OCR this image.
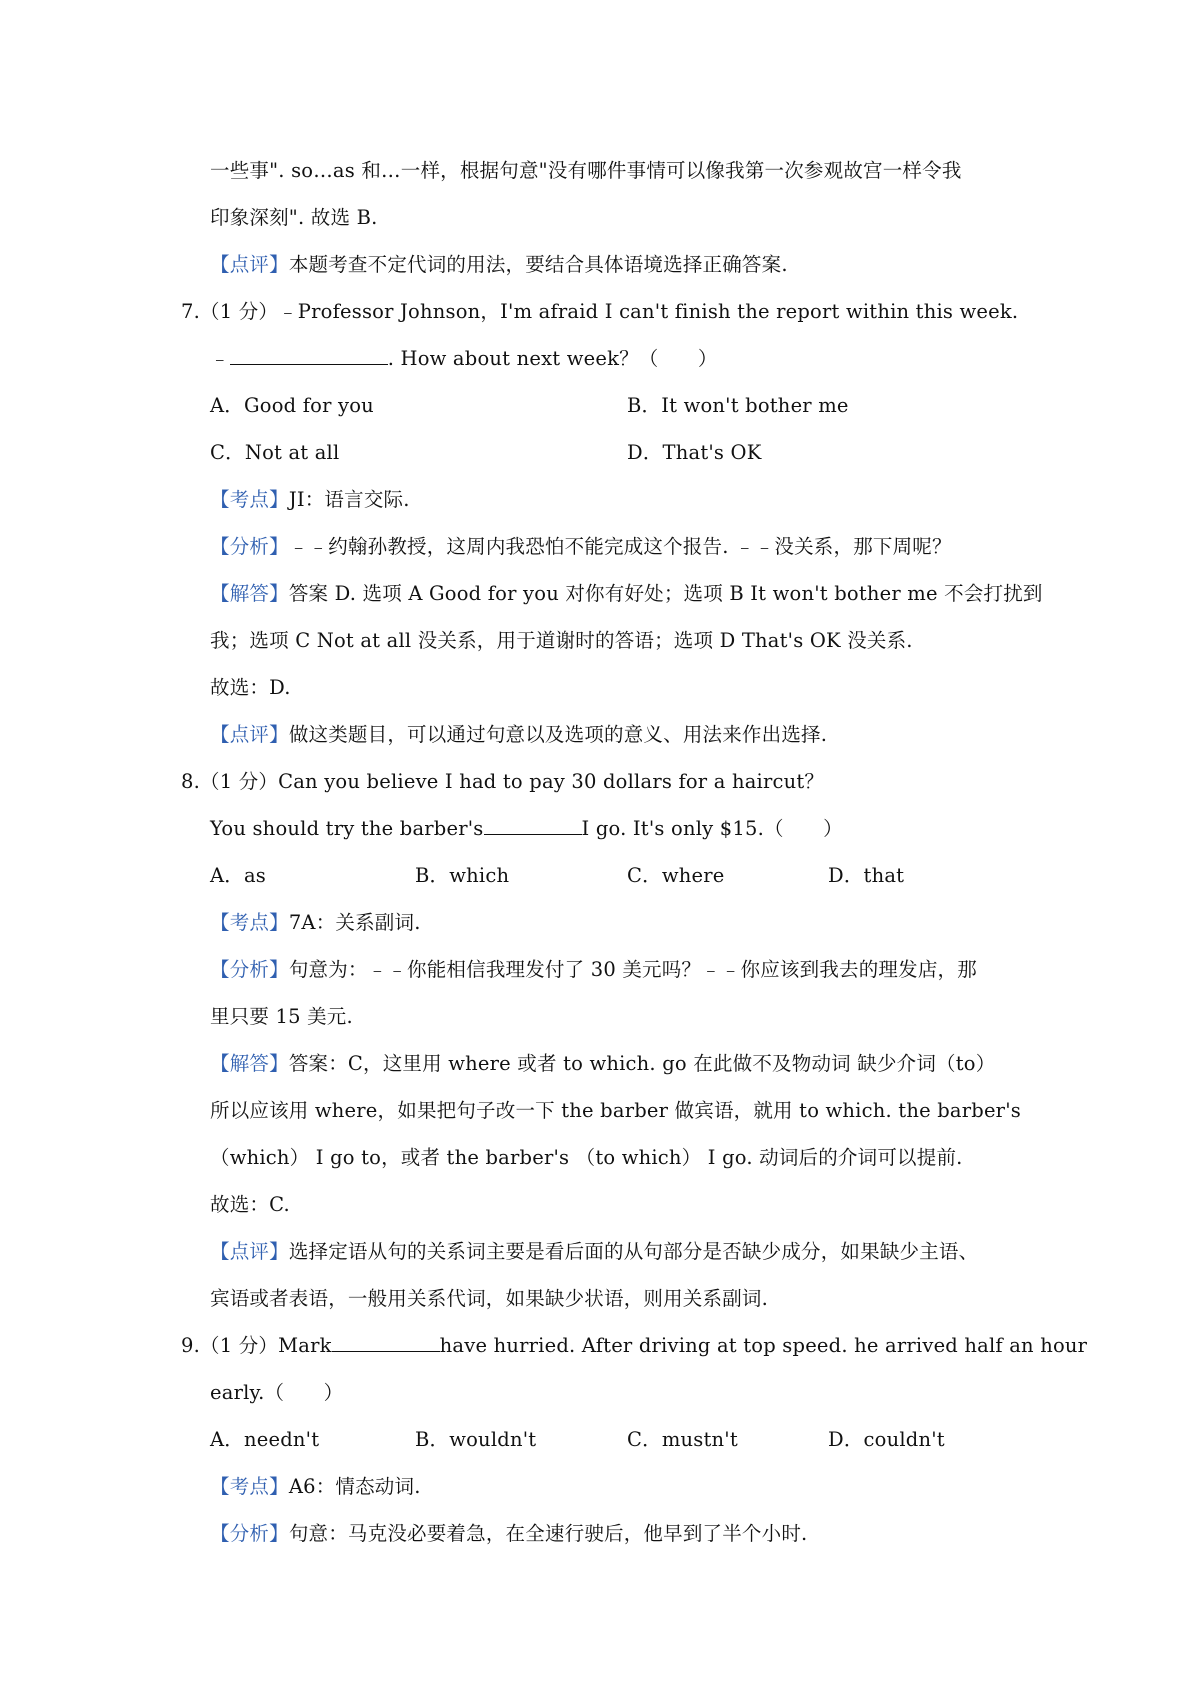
一些事". so…as 和…一样，根据句意"没有哪件事情可以像我第一次参观故宫一样令我
印象深刻". 故选 B.
【点评】本题考查不定代词的用法，要结合具体语境选择正确答案.
7.（1 分）﹣Professor Johnson，I'm afraid I can't finish the report within this week.
﹣	. How about next week？（　　）
A．Good for you	B．It won't bother me
C．Not at all	D．That's OK
【考点】JI：语言交际.
【分析】﹣﹣约翰孙教授，这周内我恐怕不能完成这个报告. ﹣﹣没关系，那下周呢？
【解答】答案 D. 选项 A Good for you 对你有好处；选项 B It won't bother me 不会打扰到
我；选项 C Not at all 没关系，用于道谢时的答语；选项 D That's OK 没关系.
故选：D.
【点评】做这类题目，可以通过句意以及选项的意义、用法来作出选择.
8.（1 分）Can you believe I had to pay 30 dollars for a haircut？
You should try the barber's	I go. It's only $15.（　　）
A．as	B．which	C．where	D．that
【考点】7A：关系副词.
【分析】句意为：﹣﹣你能相信我理发付了 30 美元吗？﹣﹣你应该到我去的理发店，那
里只要 15 美元.
【解答】答案：C，这里用 where 或者 to which. go 在此做不及物动词 缺少介词（to）
所以应该用 where，如果把句子改一下 the barber 做宾语，就用 to which. the barber's
（which） I go to，或者 the barber's （to which） I go. 动词后的介词可以提前.
故选：C.
【点评】选择定语从句的关系词主要是看后面的从句部分是否缺少成分，如果缺少主语、
宾语或者表语，一般用关系代词，如果缺少状语，则用关系副词.
9.（1 分）Mark	have hurried. After driving at top speed. he arrived half an hour
early.（　　）
A．needn't	B．wouldn't	C．mustn't	D．couldn't
【考点】A6：情态动词.
【分析】句意：马克没必要着急，在全速行驶后，他早到了半个小时.
